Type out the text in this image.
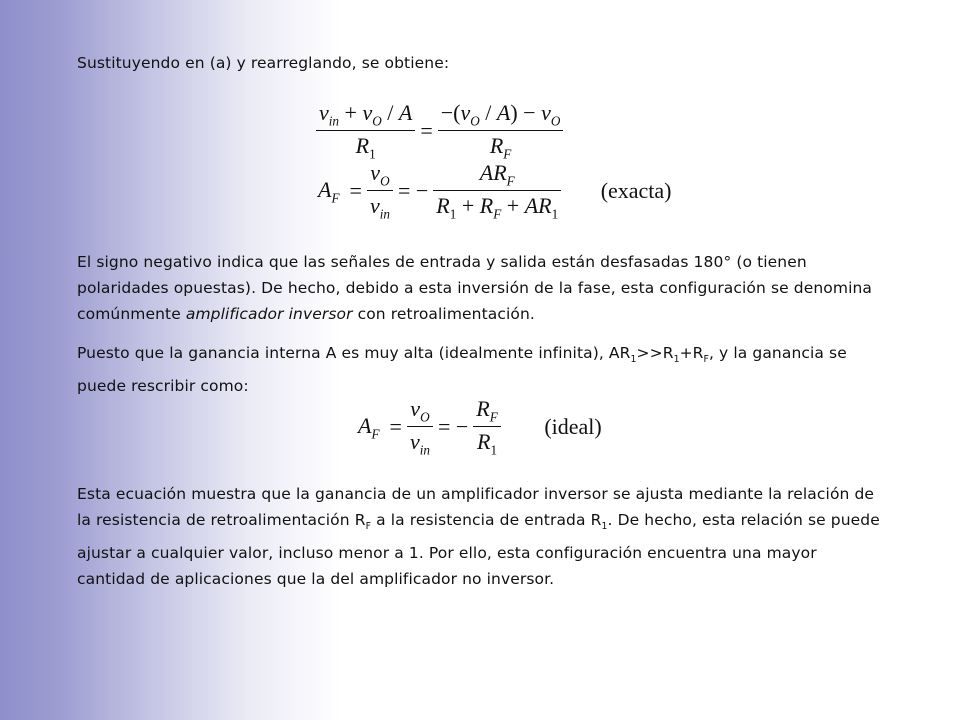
Sustituyendo en (a) y rearreglando, se obtiene:
$\frac{v_{in} + v_O / A}{R_1} = \frac{-(v_O / A) - v_O}{R_F}$
$A_F = \frac{v_O}{v_{in}}$ = − $\frac{AR_F}{R_1 + R_F + AR_1}$ (exacta)
El signo negativo indica que las señales de entrada y salida están desfasadas 180° (o tienen polaridades opuestas). De hecho, debido a esta inversión de la fase, esta configuración se denomina comúnmente amplificador inversor con retroalimentación.
Puesto que la ganancia interna A es muy alta (idealmente infinita), $AR_1>>R_1+R_F$, y la ganancia se puede rescribir como:
$A_F = \frac{v_O}{v_{in}}$ = − $\frac{R_F}{R_1}$ (ideal)
Esta ecuación muestra que la ganancia de un amplificador inversor se ajusta mediante la relación de la resistencia de retroalimentación $R_F$ a la resistencia de entrada $R_1$. De hecho, esta relación se puede ajustar a cualquier valor, incluso menor a 1. Por ello, esta configuración encuentra una mayor cantidad de aplicaciones que la del amplificador no inversor.
